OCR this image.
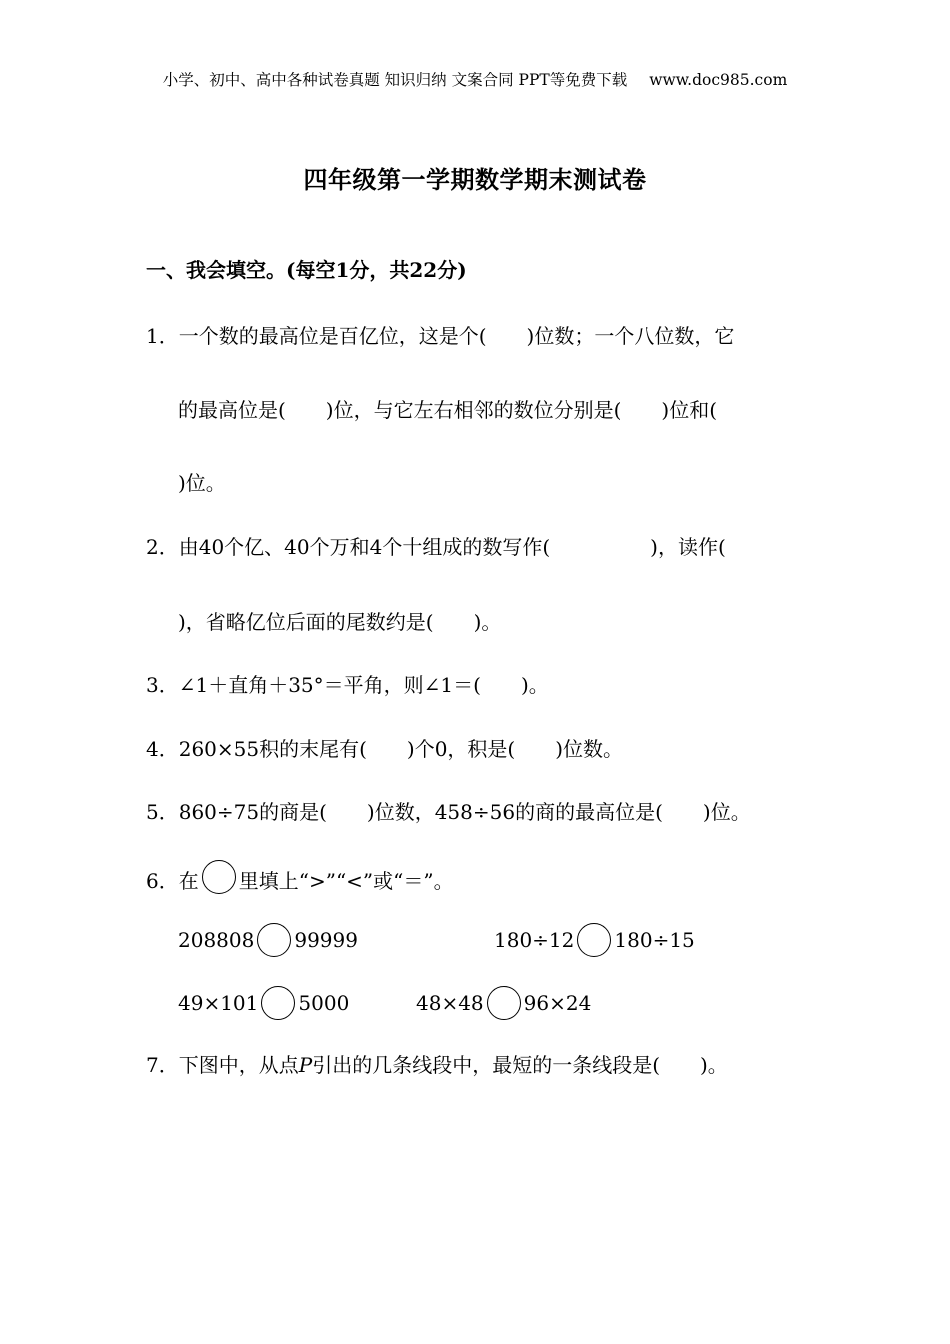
小学、初中、高中各种试卷真题 知识归纳 文案合同 PPT等免费下载 www.doc985.com
四年级第一学期数学期末测试卷
一、我会填空。(每空1分，共22分)
1．一个数的最高位是百亿位，这是个(　　)位数；一个八位数，它
的最高位是(　　)位，与它左右相邻的数位分别是(　　)位和(
)位。
2．由40个亿、40个万和4个十组成的数写作(　　　　　)，读作(
)，省略亿位后面的尾数约是(　　)。
3．∠1＋直角＋35°＝平角，则∠1＝(　　)。
4．260×55积的末尾有(　　)个0，积是(　　)位数。
5．860÷75的商是(　　)位数，458÷56的商的最高位是(　　)位。
6．在 里填上“>”“<”或“＝”。
208808 99999	180÷12 180÷15
49×101 5000	48×48 96×24
7．下图中，从点P引出的几条线段中，最短的一条线段是(　　)。
